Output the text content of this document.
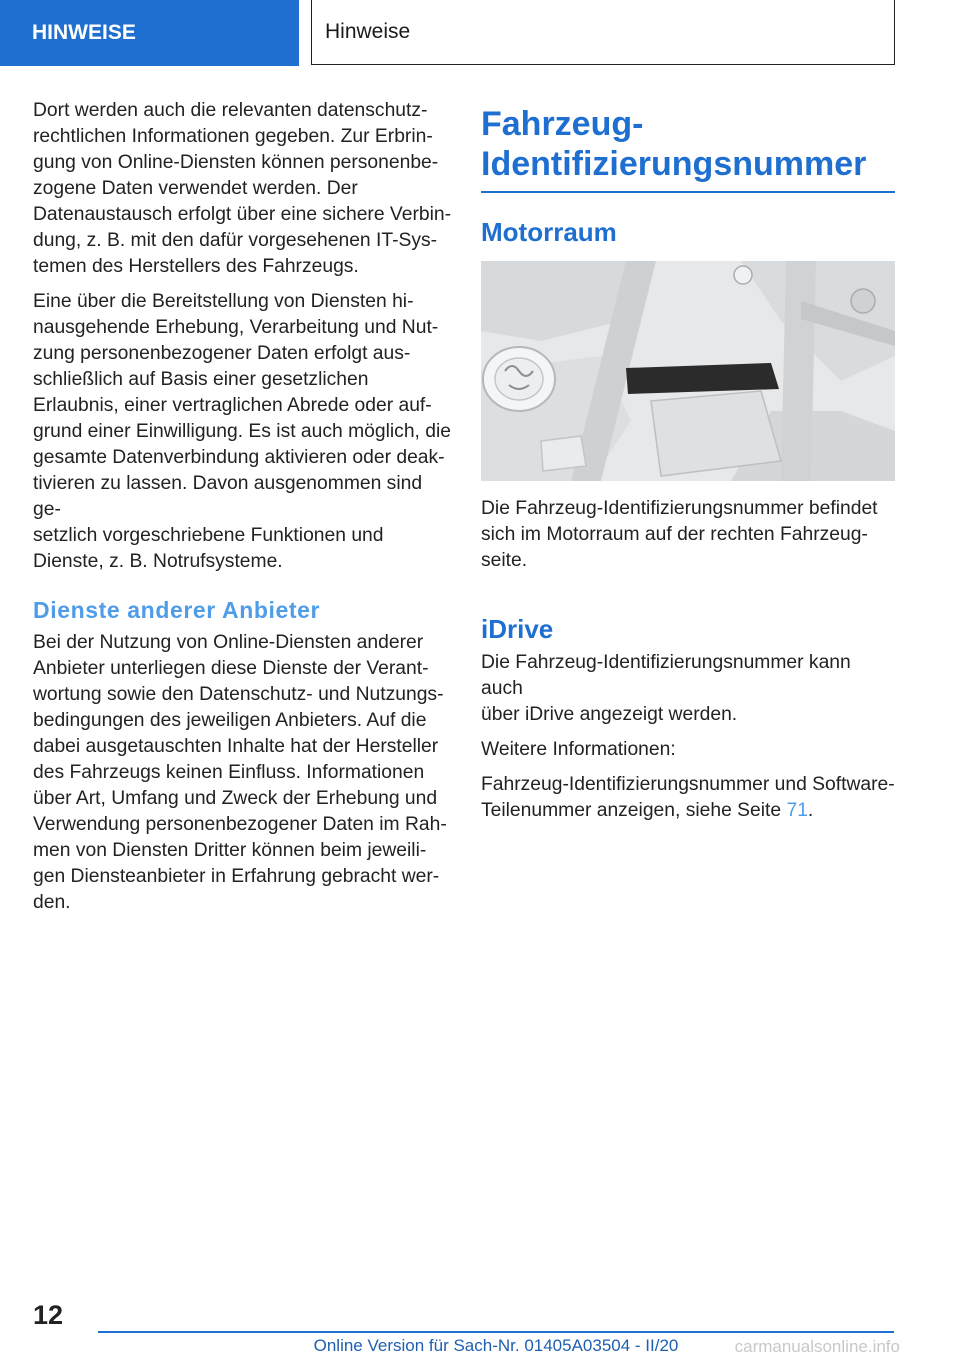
HINWEISE	Hinweise

Dort werden auch die relevanten datenschutz-
rechtlichen Informationen gegeben. Zur Erbrin-
gung von Online-Diensten können personenbe-
zogene Daten verwendet werden. Der
Datenaustausch erfolgt über eine sichere Verbin-
dung, z. B. mit den dafür vorgesehenen IT-Sys-
temen des Herstellers des Fahrzeugs.

Eine über die Bereitstellung von Diensten hi-
nausgehende Erhebung, Verarbeitung und Nut-
zung personenbezogener Daten erfolgt aus-
schließlich auf Basis einer gesetzlichen
Erlaubnis, einer vertraglichen Abrede oder auf-
grund einer Einwilligung. Es ist auch möglich, die
gesamte Datenverbindung aktivieren oder deak-
tivieren zu lassen. Davon ausgenommen sind ge-
setzlich vorgeschriebene Funktionen und
Dienste, z. B. Notrufsysteme.

Dienste anderer Anbieter

Bei der Nutzung von Online-Diensten anderer
Anbieter unterliegen diese Dienste der Verant-
wortung sowie den Datenschutz- und Nutzungs-
bedingungen des jeweiligen Anbieters. Auf die
dabei ausgetauschten Inhalte hat der Hersteller
des Fahrzeugs keinen Einfluss. Informationen
über Art, Umfang und Zweck der Erhebung und
Verwendung personenbezogener Daten im Rah-
men von Diensten Dritter können beim jeweili-
gen Diensteanbieter in Erfahrung gebracht wer-
den.

Fahrzeug-
Identifizierungsnummer
Motorraum

Die Fahrzeug-Identifizierungsnummer befindet
sich im Motorraum auf der rechten Fahrzeug-
seite.

iDrive

Die Fahrzeug-Identifizierungsnummer kann auch
über iDrive angezeigt werden.

Weitere Informationen:

Fahrzeug-Identifizierungsnummer und Software-
Teilenummer anzeigen, siehe Seite 71.

12
Online Version für Sach-Nr. 01405A03504 - II/20	carmanualsonline.info
